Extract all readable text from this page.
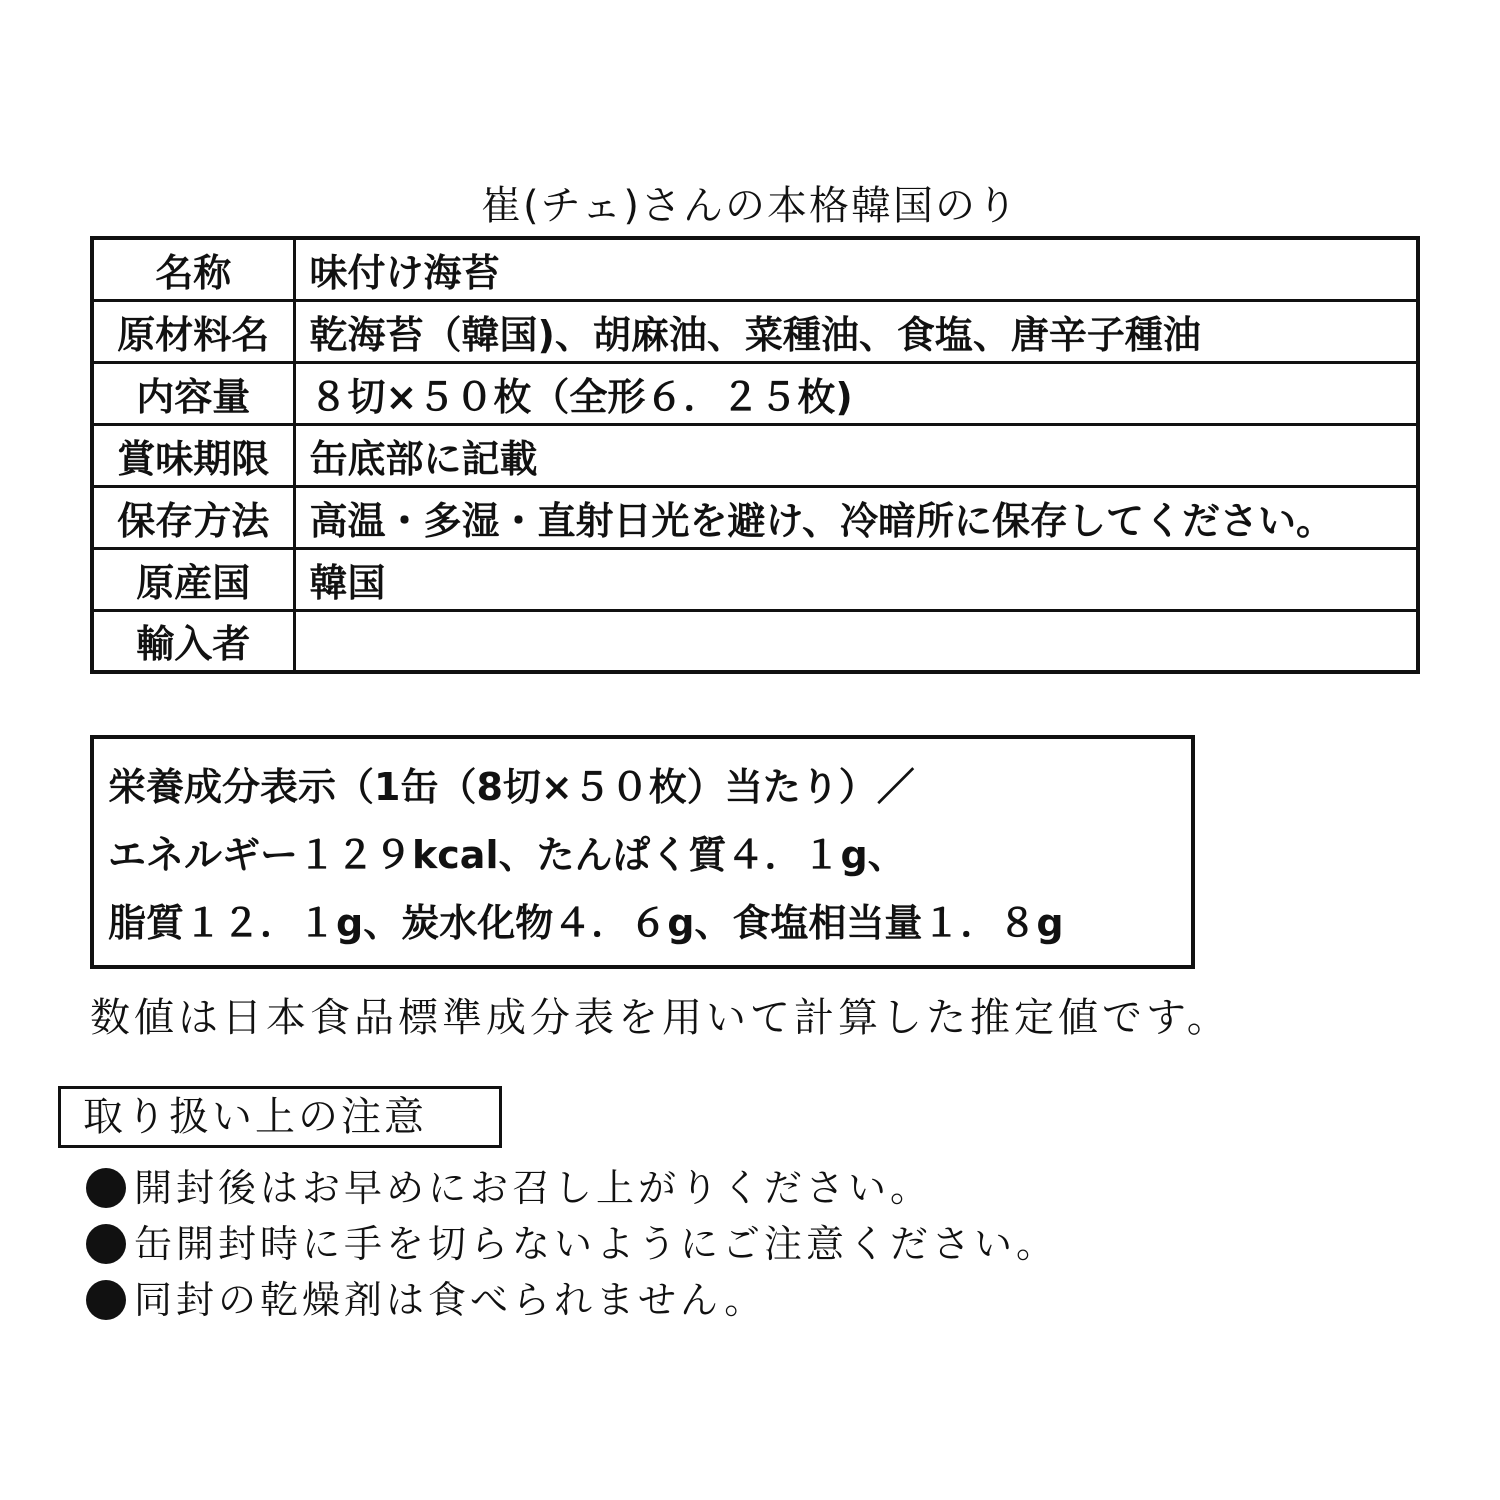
崔(チェ)さんの本格韓国のり
名称	味付け海苔
原材料名	乾海苔（韓国)、胡麻油、菜種油、食塩、唐辛子種油
内容量	８切×５０枚（全形６．２５枚)
賞味期限	缶底部に記載
保存方法	高温・多湿・直射日光を避け、冷暗所に保存してください。
原産国	韓国
輸入者	
栄養成分表示（1缶（8切×５０枚）当たり）／
エネルギー１２９kcal、たんぱく質４．１g、
脂質１２．１g、炭水化物４．６g、食塩相当量１．８g
数値は日本食品標準成分表を用いて計算した推定値です。
取り扱い上の注意
開封後はお早めにお召し上がりください。
缶開封時に手を切らないようにご注意ください。
同封の乾燥剤は食べられません。
